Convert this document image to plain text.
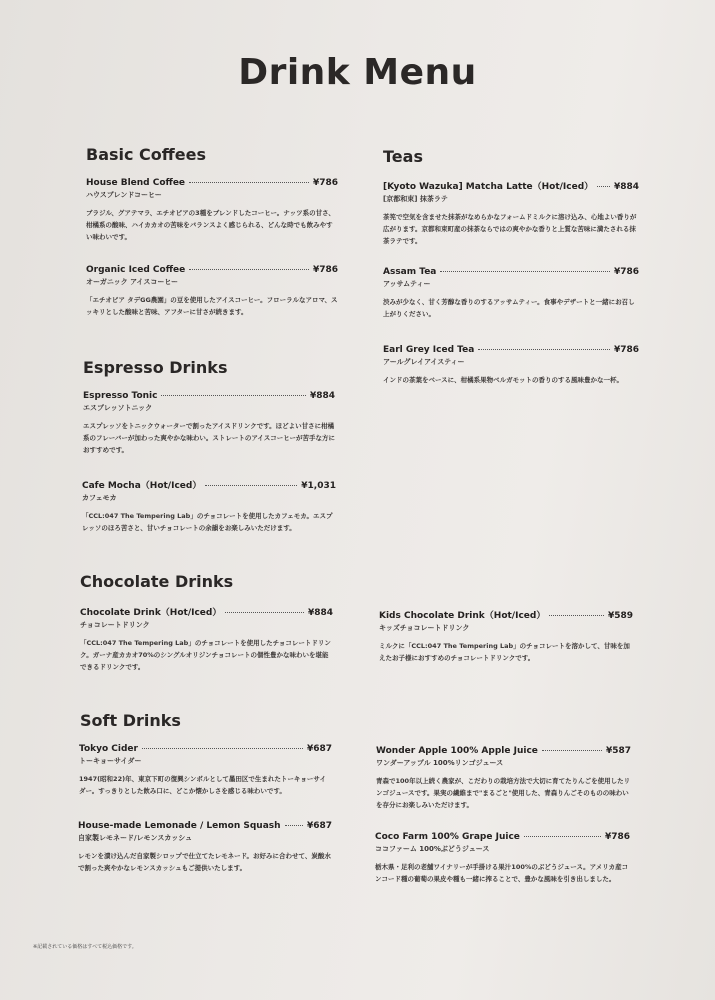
Drink Menu
Basic Coffees
House Blend Coffee	¥786
ハウスブレンドコーヒー
ブラジル、グアテマラ、エチオピアの3種をブレンドしたコーヒー。ナッツ系の甘さ、柑橘系の酸味、ハイカカオの苦味をバランスよく感じられる、どんな時でも飲みやすい味わいです。
Organic Iced Coffee	¥786
オーガニック アイスコーヒー
「エチオピア タデGG農園」の豆を使用したアイスコーヒー。フローラルなアロマ、スッキリとした酸味と苦味、アフターに甘さが続きます。
Teas
[Kyoto Wazuka] Matcha Latte（Hot/Iced） ¥884
[京都和束] 抹茶ラテ
茶筅で空気を含ませた抹茶がなめらかなフォームドミルクに溶け込み、心地よい香りが広がります。京都和束町産の抹茶ならではの爽やかな香りと上質な苦味に満たされる抹茶ラテです。
Assam Tea	¥786
アッサムティー
渋みが少なく、甘く芳醇な香りのするアッサムティー。食事やデザートと一緒にお召し上がりください。
Earl Grey Iced Tea	¥786
アールグレイアイスティー
インドの茶葉をベースに、柑橘系果物ベルガモットの香りのする風味豊かな一杯。
Espresso Drinks
Espresso Tonic	¥884
エスプレッソトニック
エスプレッソをトニックウォーターで割ったアイスドリンクです。ほどよい甘さに柑橘系のフレーバーが加わった爽やかな味わい。ストレートのアイスコーヒーが苦手な方におすすめです。
Cafe Mocha（Hot/Iced）	¥1,031
カフェモカ
「CCL:047 The Tempering Lab」のチョコレートを使用したカフェモカ。エスプレッソのほろ苦さと、甘いチョコレートの余韻をお楽しみいただけます。
Chocolate Drinks
Chocolate Drink（Hot/Iced）	¥884
チョコレートドリンク
「CCL:047 The Tempering Lab」のチョコレートを使用したチョコレートドリンク。ガーナ産カカオ70%のシングルオリジンチョコレートの個性豊かな味わいを堪能できるドリンクです。
Kids Chocolate Drink（Hot/Iced）	¥589
キッズチョコレートドリンク
ミルクに「CCL:047 The Tempering Lab」のチョコレートを溶かして、甘味を加えたお子様におすすめのチョコレートドリンクです。
Soft Drinks
Tokyo Cider	¥687
トーキョーサイダー
1947(昭和22)年、東京下町の復興シンボルとして墨田区で生まれたトーキョーサイダー。すっきりとした飲み口に、どこか懐かしさを感じる味わいです。
Wonder Apple 100% Apple Juice	¥587
ワンダーアップル 100%リンゴジュース
青森で100年以上続く農家が、こだわりの栽培方法で大切に育てたりんごを使用したリンゴジュースです。果実の繊維まで"まるごと"使用した、青森りんごそのものの味わいを存分にお楽しみいただけます。
House-made Lemonade / Lemon Squash	¥687
自家製レモネード/レモンスカッシュ
レモンを漬け込んだ自家製シロップで仕立てたレモネード。お好みに合わせて、炭酸水で割った爽やかなレモンスカッシュもご提供いたします。
Coco Farm 100% Grape Juice	¥786
ココファーム 100%ぶどうジュース
栃木県・足利の老舗ワイナリーが手掛ける果汁100%のぶどうジュース。アメリカ産コンコード種の葡萄の果皮や種も一緒に搾ることで、豊かな風味を引き出しました。
※記載されている価格はすべて税込価格です。
